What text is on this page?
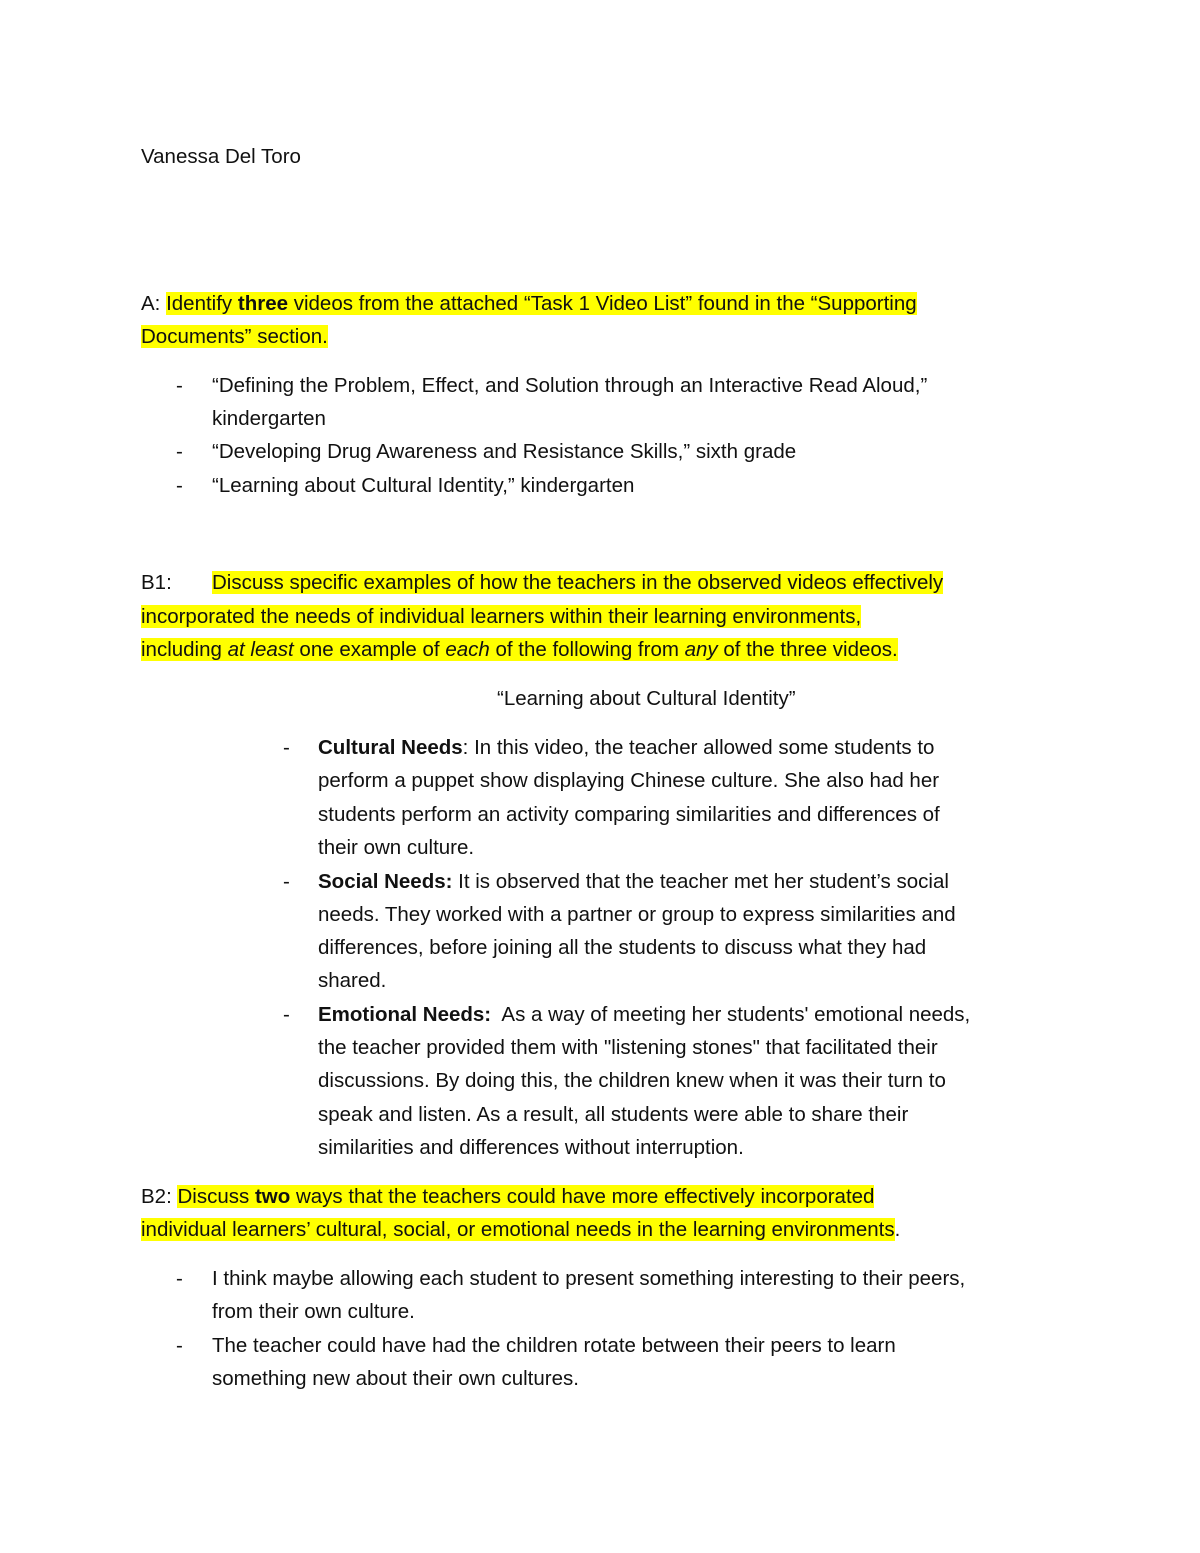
Vanessa Del Toro
A: Identify three videos from the attached “Task 1 Video List” found in the “Supporting
Documents” section.
- “Defining the Problem, Effect, and Solution through an Interactive Read Aloud,”
kindergarten
- “Developing Drug Awareness and Resistance Skills,” sixth grade
- “Learning about Cultural Identity,” kindergarten
B1: Discuss specific examples of how the teachers in the observed videos effectively
incorporated the needs of individual learners within their learning environments,
including at least one example of each of the following from any of the three videos.
“Learning about Cultural Identity”
- Cultural Needs: In this video, the teacher allowed some students to
perform a puppet show displaying Chinese culture. She also had her
students perform an activity comparing similarities and differences of
their own culture.
- Social Needs: It is observed that the teacher met her student’s social
needs. They worked with a partner or group to express similarities and
differences, before joining all the students to discuss what they had
shared.
- Emotional Needs:  As a way of meeting her students' emotional needs,
the teacher provided them with "listening stones" that facilitated their
discussions. By doing this, the children knew when it was their turn to
speak and listen. As a result, all students were able to share their
similarities and differences without interruption.
B2: Discuss two ways that the teachers could have more effectively incorporated
individual learners’ cultural, social, or emotional needs in the learning environments.
- I think maybe allowing each student to present something interesting to their peers,
from their own culture.
- The teacher could have had the children rotate between their peers to learn
something new about their own cultures.
